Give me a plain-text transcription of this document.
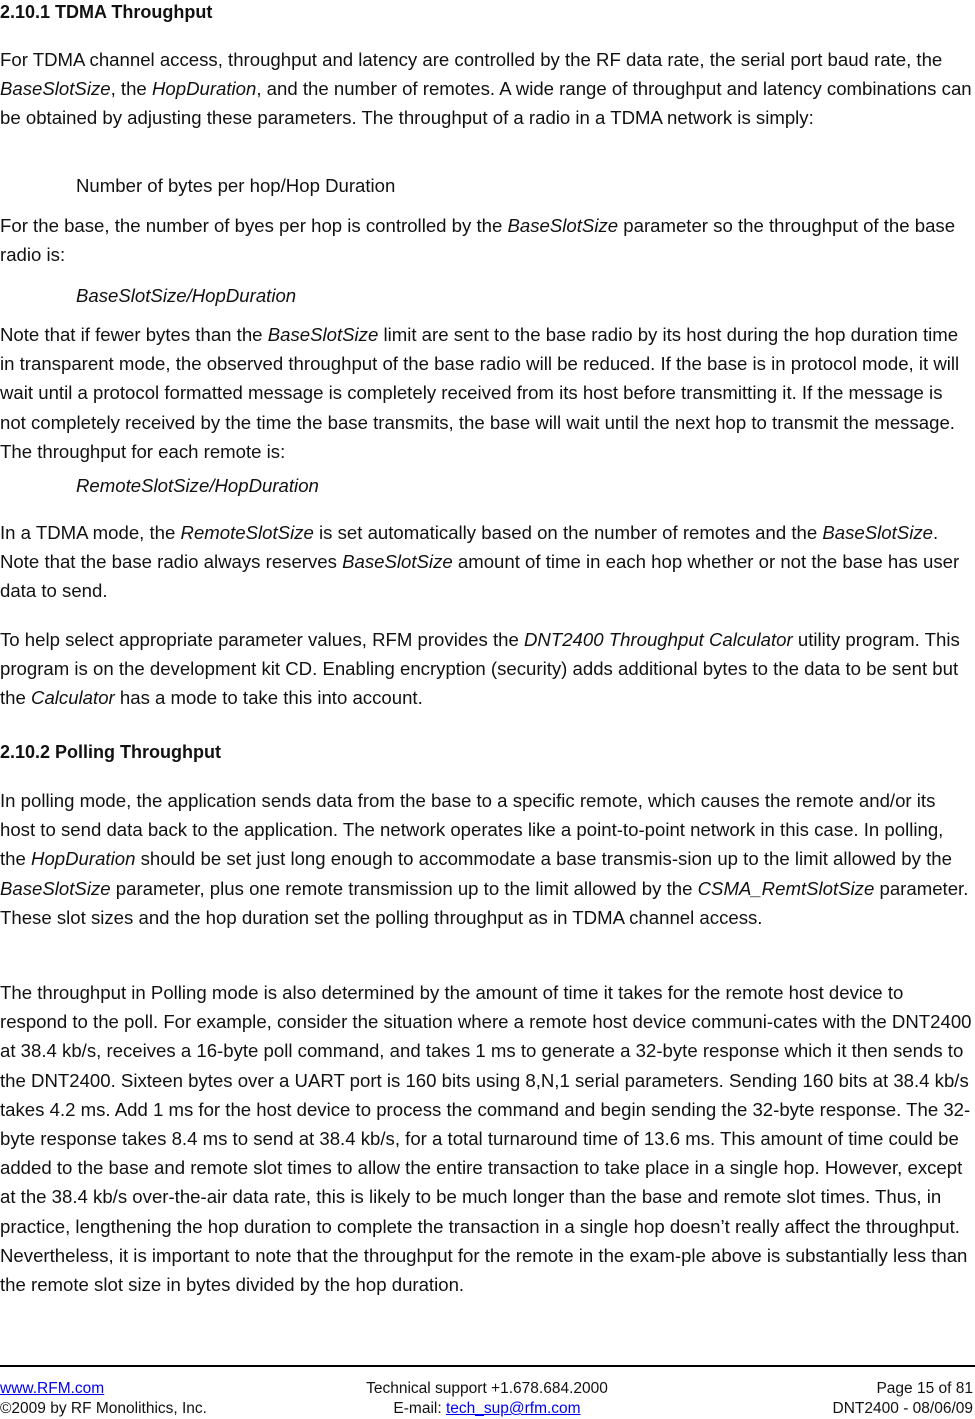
2.10.1 TDMA Throughput

For TDMA channel access, throughput and latency are controlled by the RF data rate, the serial port baud rate, the BaseSlotSize, the HopDuration, and the number of remotes. A wide range of throughput and latency combinations can be obtained by adjusting these parameters. The throughput of a radio in a TDMA network is simply:

Number of bytes per hop/Hop Duration

For the base, the number of byes per hop is controlled by the BaseSlotSize parameter so the throughput of the base radio is:

BaseSlotSize/HopDuration

Note that if fewer bytes than the BaseSlotSize limit are sent to the base radio by its host during the hop duration time in transparent mode, the observed throughput of the base radio will be reduced. If the base is in protocol mode, it will wait until a protocol formatted message is completely received from its host before transmitting it. If the message is not completely received by the time the base transmits, the base will wait until the next hop to transmit the message. The throughput for each remote is:

RemoteSlotSize/HopDuration

In a TDMA mode, the RemoteSlotSize is set automatically based on the number of remotes and the BaseSlotSize. Note that the base radio always reserves BaseSlotSize amount of time in each hop whether or not the base has user data to send.

To help select appropriate parameter values, RFM provides the DNT2400 Throughput Calculator utility program. This program is on the development kit CD. Enabling encryption (security) adds additional bytes to the data to be sent but the Calculator has a mode to take this into account.

2.10.2 Polling Throughput

In polling mode, the application sends data from the base to a specific remote, which causes the remote and/or its host to send data back to the application. The network operates like a point-to-point network in this case. In polling, the HopDuration should be set just long enough to accommodate a base transmis-sion up to the limit allowed by the BaseSlotSize parameter, plus one remote transmission up to the limit allowed by the CSMA_RemtSlotSize parameter. These slot sizes and the hop duration set the polling throughput as in TDMA channel access.

The throughput in Polling mode is also determined by the amount of time it takes for the remote host device to respond to the poll. For example, consider the situation where a remote host device communi-cates with the DNT2400 at 38.4 kb/s, receives a 16-byte poll command, and takes 1 ms to generate a 32-byte response which it then sends to the DNT2400. Sixteen bytes over a UART port is 160 bits using 8,N,1 serial parameters. Sending 160 bits at 38.4 kb/s takes 4.2 ms. Add 1 ms for the host device to process the command and begin sending the 32-byte response. The 32-byte response takes 8.4 ms to send at 38.4 kb/s, for a total turnaround time of 13.6 ms. This amount of time could be added to the base and remote slot times to allow the entire transaction to take place in a single hop. However, except at the 38.4 kb/s over-the-air data rate, this is likely to be much longer than the base and remote slot times. Thus, in practice, lengthening the hop duration to complete the transaction in a single hop doesn’t really affect the throughput. Nevertheless, it is important to note that the throughput for the remote in the exam-ple above is substantially less than the remote slot size in bytes divided by the hop duration.

www.RFM.com
©2009 by RF Monolithics, Inc.
Technical support +1.678.684.2000
E-mail: tech_sup@rfm.com
Page 15 of 81
DNT2400 - 08/06/09
